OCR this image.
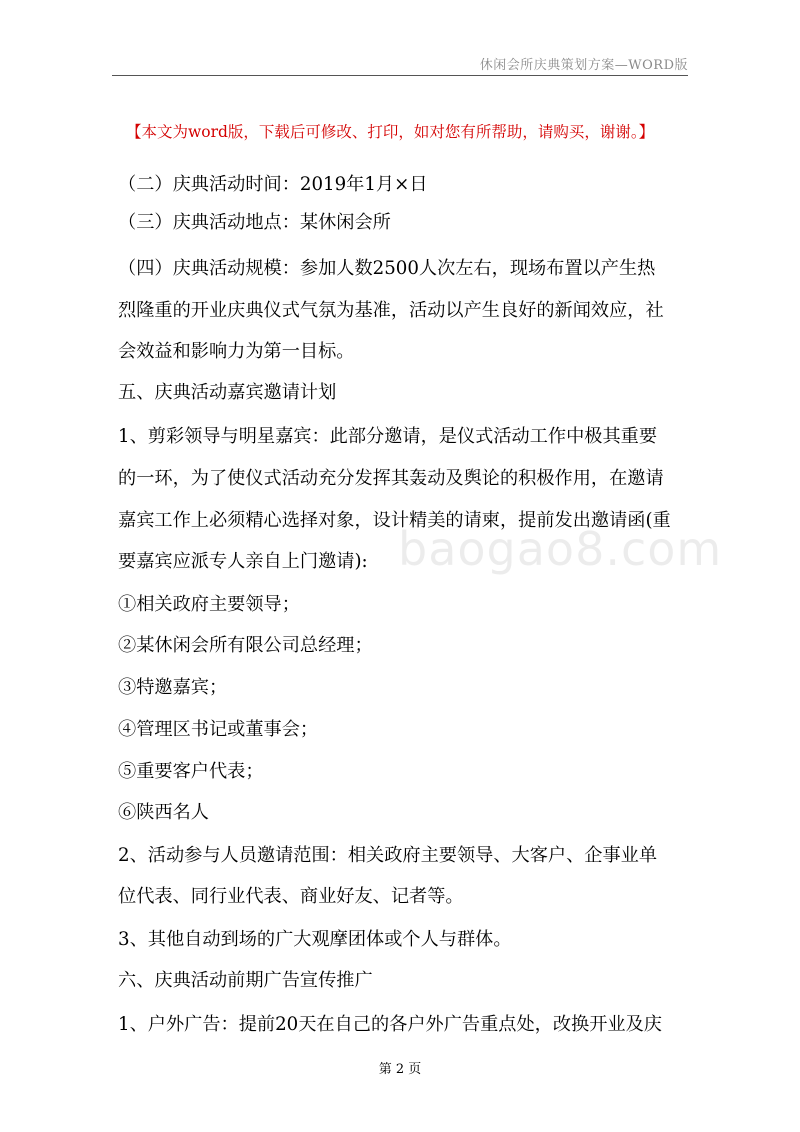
休闲会所庆典策划方案—WORD版
【本文为word版，下载后可修改、打印，如对您有所帮助，请购买，谢谢。】
（二）庆典活动时间：2019年1月×日
（三）庆典活动地点：某休闲会所
（四）庆典活动规模：参加人数2500人次左右，现场布置以产生热
烈隆重的开业庆典仪式气氛为基准，活动以产生良好的新闻效应，社
会效益和影响力为第一目标。
五、庆典活动嘉宾邀请计划
1、剪彩领导与明星嘉宾：此部分邀请，是仪式活动工作中极其重要
的一环，为了使仪式活动充分发挥其轰动及舆论的积极作用，在邀请
嘉宾工作上必须精心选择对象，设计精美的请柬，提前发出邀请函(重
要嘉宾应派专人亲自上门邀请):
①相关政府主要领导；
②某休闲会所有限公司总经理；
③特邀嘉宾；
④管理区书记或董事会；
⑤重要客户代表；
⑥陕西名人
2、活动参与人员邀请范围：相关政府主要领导、大客户、企事业单
位代表、同行业代表、商业好友、记者等。
3、其他自动到场的广大观摩团体或个人与群体。
六、庆典活动前期广告宣传推广
1、户外广告：提前20天在自己的各户外广告重点处，改换开业及庆
baogao8.com
第 2 页
